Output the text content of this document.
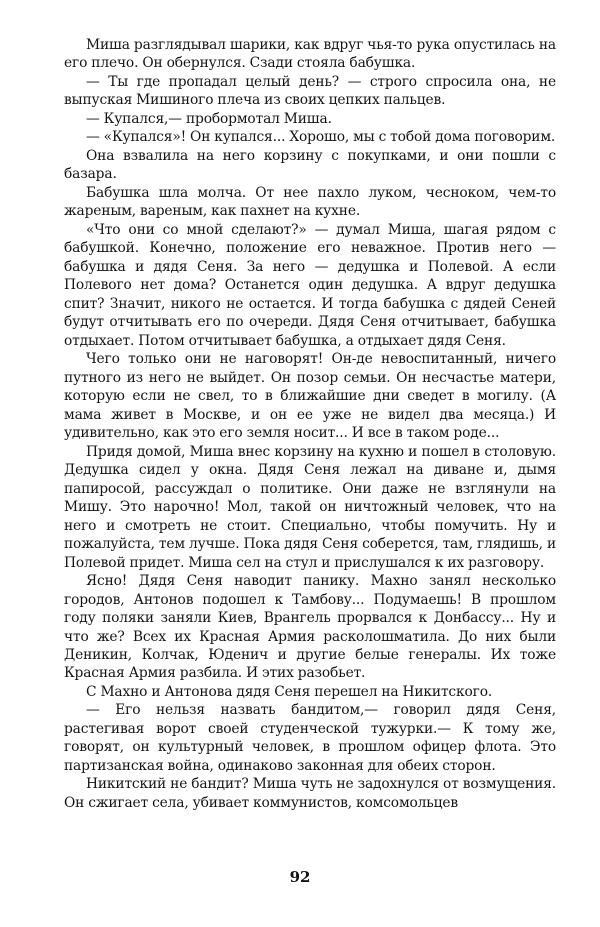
Миша разглядывал шарики, как вдруг чья-то рука опустилась на его плечо. Он обернулся. Сзади стояла бабушка.

— Ты где пропадал целый день? — строго спросила она, не выпуская Мишиного плеча из своих цепких пальцев.

— Купался,— пробормотал Миша.

— «Купался»! Он купался... Хорошо, мы с тобой дома поговорим.

Она взвалила на него корзину с покупками, и они пошли с базара.

Бабушка шла молча. От нее пахло луком, чесноком, чем-то жареным, вареным, как пахнет на кухне.

«Что они со мной сделают?» — думал Миша, шагая рядом с бабушкой. Конечно, положение его неважное. Против него — бабушка и дядя Сеня. За него — дедушка и Полевой. А если Полевого нет дома? Останется один дедушка. А вдруг дедушка спит? Значит, никого не остается. И тогда бабушка с дядей Сеней будут отчитывать его по очереди. Дядя Сеня отчитывает, бабушка отдыхает. Потом отчитывает бабушка, а отдыхает дядя Сеня.

Чего только они не наговорят! Он-де невоспитанный, ничего путного из него не выйдет. Он позор семьи. Он несчастье матери, которую если не свел, то в ближайшие дни сведет в могилу. (А мама живет в Москве, и он ее уже не видел два месяца.) И удивительно, как это его земля носит... И все в таком роде...

Придя домой, Миша внес корзину на кухню и пошел в столовую. Дедушка сидел у окна. Дядя Сеня лежал на диване и, дымя папиросой, рассуждал о политике. Они даже не взглянули на Мишу. Это нарочно! Мол, такой он ничтожный человек, что на него и смотреть не стоит. Специально, чтобы помучить. Ну и пожалуйста, тем лучше. Пока дядя Сеня соберется, там, глядишь, и Полевой придет. Миша сел на стул и прислушался к их разговору.

Ясно! Дядя Сеня наводит панику. Махно занял несколько городов, Антонов подошел к Тамбову... Подумаешь! В прошлом году поляки заняли Киев, Врангель прорвался к Донбассу... Ну и что же? Всех их Красная Армия расколошматила. До них были Деникин, Колчак, Юденич и другие белые генералы. Их тоже Красная Армия разбила. И этих разобьет.

С Махно и Антонова дядя Сеня перешел на Никитского.

— Его нельзя назвать бандитом,— говорил дядя Сеня, растегивая ворот своей студенческой тужурки.— К тому же, говорят, он культурный человек, в прошлом офицер флота. Это партизанская война, одинаково законная для обеих сторон.

Никитский не бандит? Миша чуть не задохнулся от возмущения. Он сжигает села, убивает коммунистов, комсомольцев

92
